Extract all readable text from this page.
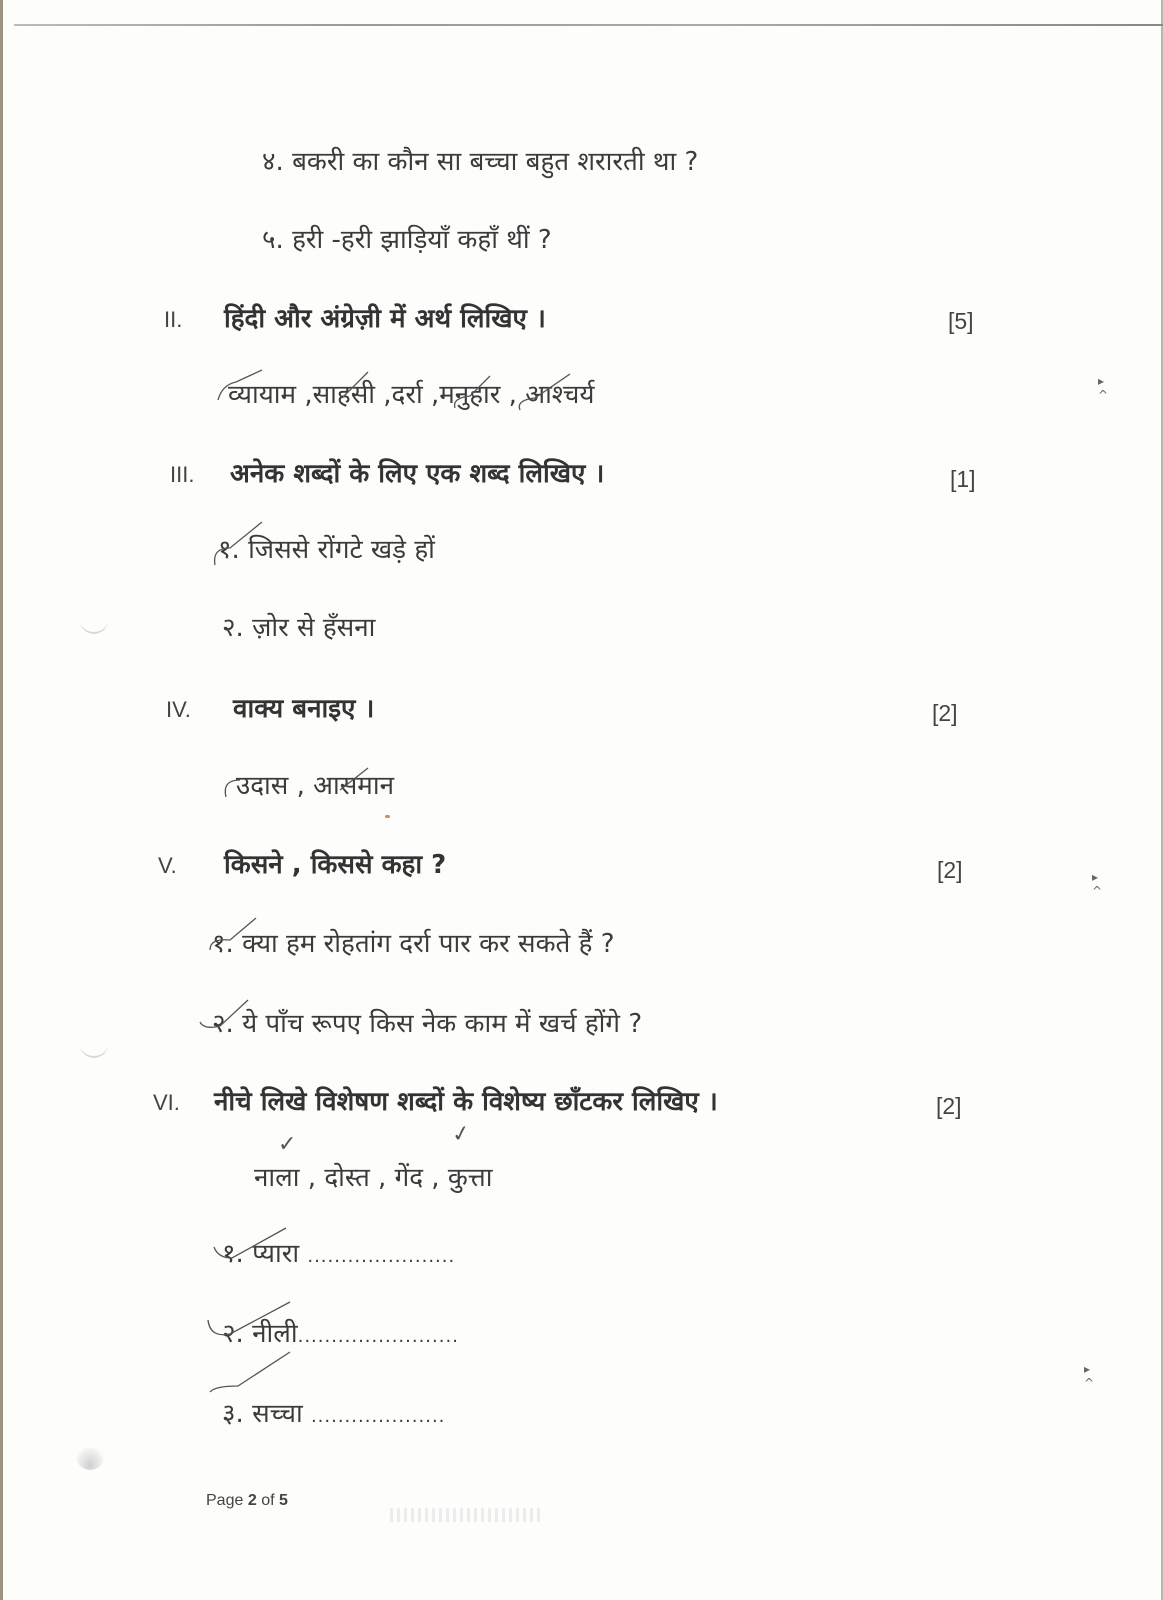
४. बकरी का कौन सा बच्चा बहुत शरारती था ?
५. हरी -हरी झाड़ियाँ कहाँ थीं ?
II. हिंदी और अंग्रेज़ी में अर्थ लिखिए ।	[5]
व्यायाम ,साहसी ,दर्रा ,मनुहार , आश्चर्य
III. अनेक शब्दों के लिए एक शब्द लिखिए ।	[1]
१. जिससे रोंगटे खड़े हों
२. ज़ोर से हँसना
IV. वाक्य बनाइए ।	[2]
उदास , आसमान
V. किसने , किससे कहा ?	[2]
१. क्या हम रोहतांग दर्रा पार कर सकते हैं ?
२. ये पाँच रूपए किस नेक काम में खर्च होंगे ?
VI. नीचे लिखे विशेषण शब्दों के विशेष्य छाँटकर लिखिए ।	[2]
✓	✓
नाला , दोस्त , गेंद , कुत्ता
१. प्यारा ......................
२. नीली........................
३. सच्चा ....................
▸
^
▸
^
▸
^
Page 2 of 5
